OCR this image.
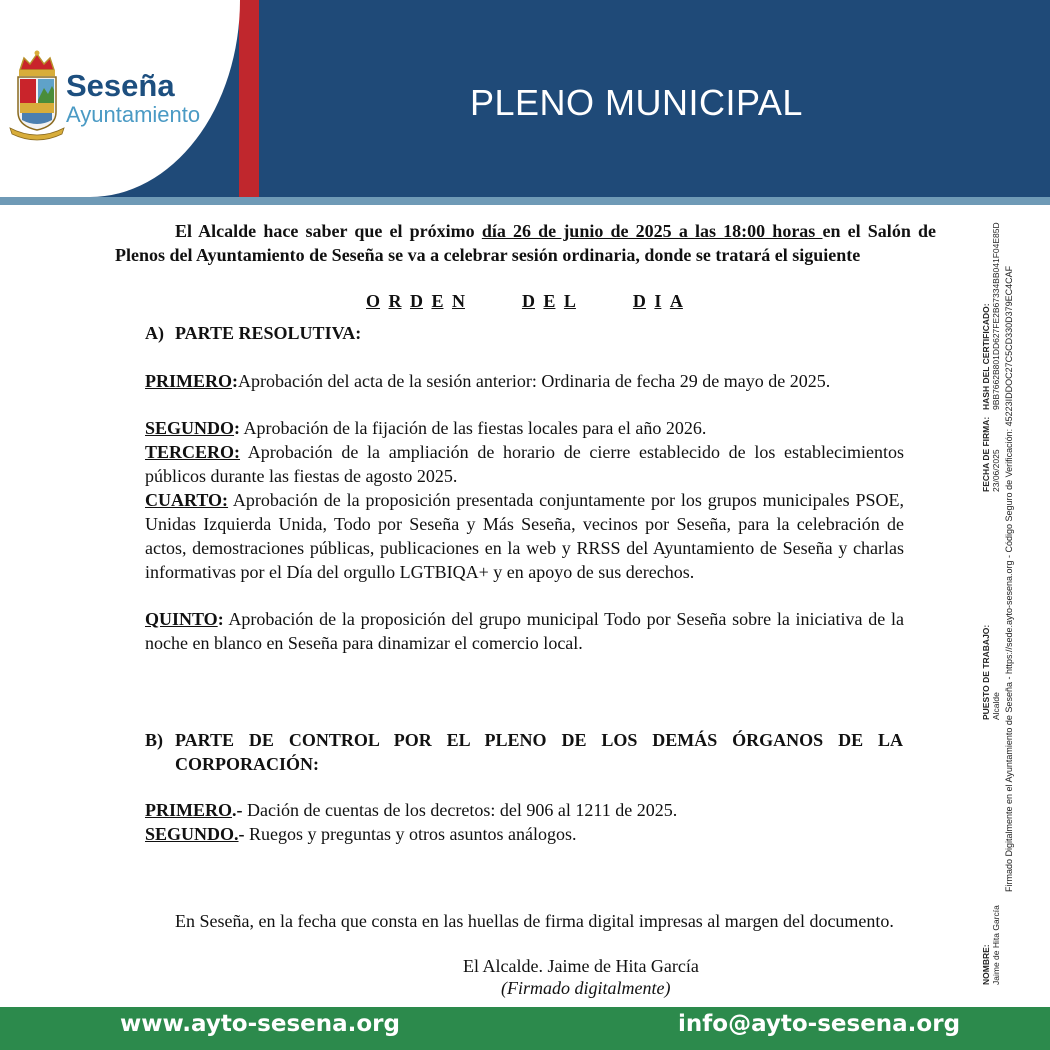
Seseña
Ayuntamiento	PLENO MUNICIPAL

El Alcalde hace saber que el próximo día 26 de junio de 2025 a las 18:00 horas en el Salón de Plenos del Ayuntamiento de Seseña se va a celebrar sesión ordinaria, donde se tratará el siguiente

O R D E N	D E L	D I A
A) PARTE RESOLUTIVA:

PRIMERO:Aprobación del acta de la sesión anterior: Ordinaria de fecha 29 de mayo de 2025.

SEGUNDO: Aprobación de la fijación de las fiestas locales para el año 2026.

TERCERO: Aprobación de la ampliación de horario de cierre establecido de los establecimientos públicos durante las fiestas de agosto 2025.

CUARTO: Aprobación de la proposición presentada conjuntamente por los grupos municipales PSOE, Unidas Izquierda Unida, Todo por Seseña y Más Seseña, vecinos por Seseña, para la celebración de actos, demostraciones públicas, publicaciones en la web y RRSS del Ayuntamiento de Seseña y charlas informativas por el Día del orgullo LGTBIQA+ y en apoyo de sus derechos.

QUINTO: Aprobación de la proposición del grupo municipal Todo por Seseña sobre la iniciativa de la noche en blanco en Seseña para dinamizar el comercio local.

B) PARTE DE CONTROL POR EL PLENO DE LOS DEMÁS ÓRGANOS DE LA CORPORACIÓN:

PRIMERO.- Dación de cuentas de los decretos: del 906 al 1211 de 2025.

SEGUNDO.- Ruegos y preguntas y otros asuntos análogos.

En Seseña, en la fecha que consta en las huellas de firma digital impresas al margen del documento.

El Alcalde. Jaime de Hita García
(Firmado digitalmente)
NOMBRE: Jaime de Hita García
PUESTO DE TRABAJO: Alcalde
FECHA DE FIRMA: 23/06/2025
HASH DEL CERTIFICADO: 9BB7662B801DD627FE2B67334BB041F04E85D Firmado Digitalmente en el Ayuntamiento de Seseña - https://sede.ayto-sesena.org - Código Seguro de Verificación: 45223IDDOC27C5CD330D379EC4CAF
www.ayto-sesena.org	info@ayto-sesena.org
